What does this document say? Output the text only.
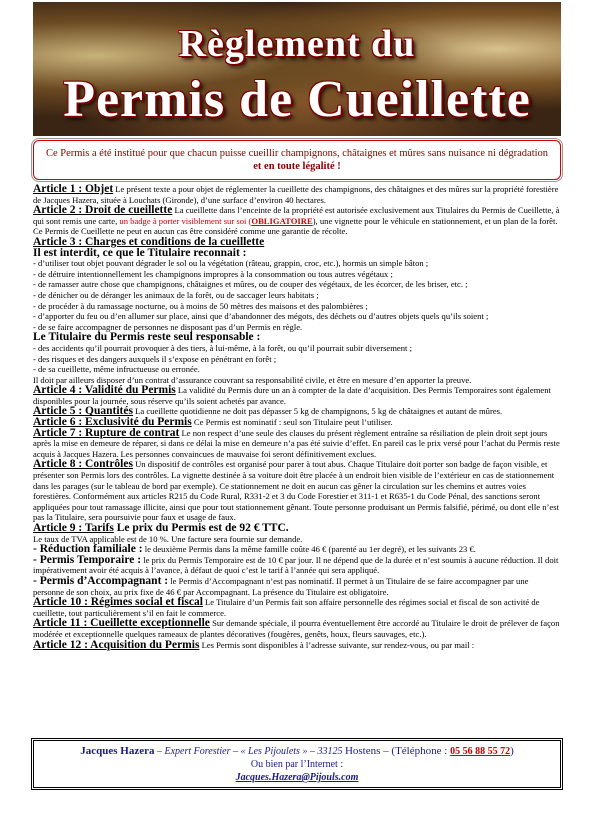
Règlement du
Permis de Cueillette
Ce Permis a été institué pour que chacun puisse cueillir champignons, châtaignes et mûres sans nuisance ni dégradation
et en toute légalité !

Article 1 : Objet Le présent texte a pour objet de réglementer la cueillette des champignons, des châtaignes et des mûres sur la propriété forestière de Jacques Hazera, située à Louchats (Gironde), d’une surface d’environ 40 hectares.

Article 2 : Droit de cueillette La cueillette dans l’enceinte de la propriété est autorisée exclusivement aux Titulaires du Permis de Cueillette, à qui sont remis une carte, un badge à porter visiblement sur soi (OBLIGATOIRE), une vignette pour le véhicule en stationnement, et un plan de la forêt. Ce Permis de Cueillette ne peut en aucun cas être considéré comme une garantie de récolte.

Article 3 : Charges et conditions de la cueillette

Il est interdit, ce que le Titulaire reconnait :

- d’utiliser tout objet pouvant dégrader le sol ou la végétation (râteau, grappin, croc, etc.), hormis un simple bâton ;

- de détruire intentionnellement les champignons impropres à la consommation ou tous autres végétaux ;

- de ramasser autre chose que champignons, châtaignes et mûres, ou de couper des végétaux, de les écorcer, de les briser, etc. ;

- de dénicher ou de déranger les animaux de la forêt, ou de saccager leurs habitats ;

- de procéder à du ramassage nocturne, ou à moins de 50 mètres des maisons et des palombières ;

- d’apporter du feu ou d’en allumer sur place, ainsi que d’abandonner des mégots, des déchets ou d’autres objets quels qu’ils soient ;

- de se faire accompagner de personnes ne disposant pas d’un Permis en règle.

Le Titulaire du Permis reste seul responsable :

- des accidents qu’il pourrait provoquer à des tiers, à lui-même, à la forêt, ou qu’il pourrait subir diversement ;

- des risques et des dangers auxquels il s’expose en pénétrant en forêt ;

- de sa cueillette, même infructueuse ou erronée.

Il doit par ailleurs disposer d’un contrat d’assurance couvrant sa responsabilité civile, et être en mesure d’en apporter la preuve.

Article 4 : Validité du Permis La validité du Permis dure un an à compter de la date d’acquisition. Des Permis Temporaires sont également disponibles pour la journée, sous réserve qu’ils soient achetés par avance.

Article 5 : Quantités La cueillette quotidienne ne doit pas dépasser 5 kg de champignons, 5 kg de châtaignes et autant de mûres.

Article 6 : Exclusivité du Permis Ce Permis est nominatif : seul son Titulaire peut l’utiliser.

Article 7 : Rupture de contrat Le non respect d’une seule des clauses du présent règlement entraîne sa résiliation de plein droit sept jours après la mise en demeure de réparer, si dans ce délai la mise en demeure n’a pas été suivie d’effet. En pareil cas le prix versé pour l’achat du Permis reste acquis à Jacques Hazera. Les personnes convaincues de mauvaise foi seront définitivement exclues.

Article 8 : Contrôles Un dispositif de contrôles est organisé pour parer à tout abus. Chaque Titulaire doit porter son badge de façon visible, et présenter son Permis lors des contrôles. La vignette destinée à sa voiture doit être placée à un endroit bien visible de l’extérieur en cas de stationnement dans les parages (sur le tableau de bord par exemple). Ce stationnement ne doit en aucun cas gêner la circulation sur les chemins et autres voies forestières. Conformément aux articles R215 du Code Rural, R331-2 et 3 du Code Forestier et 311-1 et R635-1 du Code Pénal, des sanctions seront appliquées pour tout ramassage illicite, ainsi que pour tout stationnement gênant. Toute personne produisant un Permis falsifié, périmé, ou dont elle n’est pas la Titulaire, sera poursuivie pour faux et usage de faux.

Article 9 : Tarifs Le prix du Permis est de 92 € TTC.

Le taux de TVA applicable est de 10 %. Une facture sera fournie sur demande.

- Réduction familiale : le deuxième Permis dans la même famille coûte 46 € (parenté au 1er degré), et les suivants 23 €.

- Permis Temporaire : le prix du Permis Temporaire est de 10 € par jour. Il ne dépend que de la durée et n’est soumis à aucune réduction. Il doit impérativement avoir été acquis à l’avance, à défaut de quoi c’est le tarif à l’année qui sera appliqué.

- Permis d’Accompagnant : le Permis d’Accompagnant n’est pas nominatif. Il permet à un Titulaire de se faire accompagner par une personne de son choix, au prix fixe de 46 € par Accompagnant. La présence du Titulaire est obligatoire.

Article 10 : Régimes social et fiscal Le Titulaire d’un Permis fait son affaire personnelle des régimes social et fiscal de son activité de cueillette, tout particulièrement s’il en fait le commerce.

Article 11 : Cueillette exceptionnelle Sur demande spéciale, il pourra éventuellement être accordé au Titulaire le droit de prélever de façon modérée et exceptionnelle quelques rameaux de plantes décoratives (fougères, genêts, houx, fleurs sauvages, etc.).

Article 12 : Acquisition du Permis Les Permis sont disponibles à l’adresse suivante, sur rendez-vous, ou par mail :

Jacques Hazera – Expert Forestier – « Les Pijoulets » – 33125 Hostens – (Téléphone : 05 56 88 55 72)
Ou bien par l’Internet :
Jacques.Hazera@Pijouls.com
